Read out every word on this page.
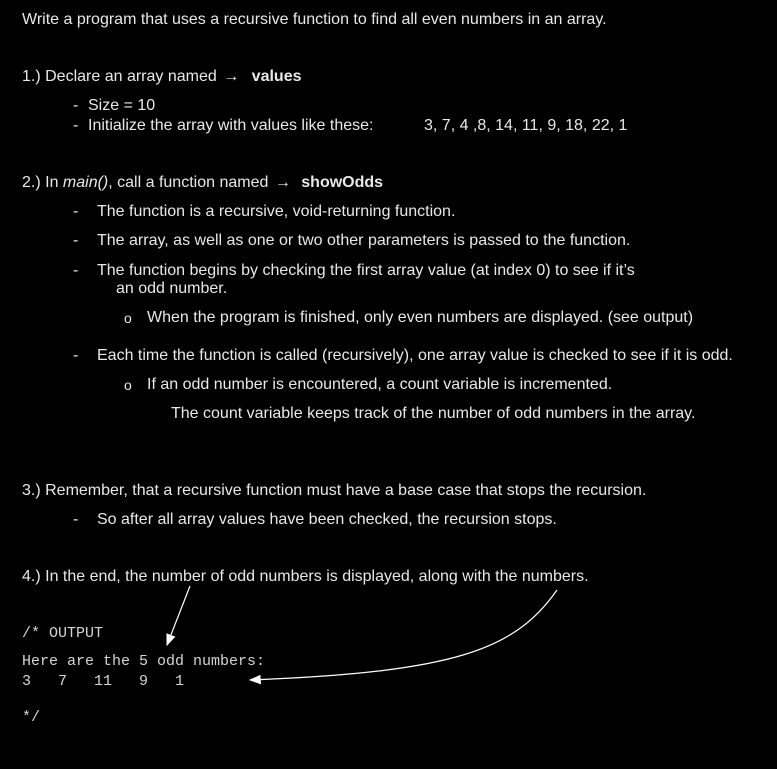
Write a program that uses a recursive function to find all even numbers in an array.
1.) Declare an array named → values
- Size = 10
- Initialize the array with values like these:	3, 7, 4 ,8, 14, 11, 9, 18, 22, 1
2.) In main(), call a function named → showOdds
- The function is a recursive, void-returning function.
- The array, as well as one or two other parameters is passed to the function.
- The function begins by checking the first array value (at index 0) to see if it’s
an odd number.
o When the program is finished, only even numbers are displayed. (see output)
- Each time the function is called (recursively), one array value is checked to see if it is odd.
o If an odd number is encountered, a count variable is incremented.
The count variable keeps track of the number of odd numbers in the array.
3.) Remember, that a recursive function must have a base case that stops the recursion.
- So after all array values have been checked, the recursion stops.
4.) In the end, the number of odd numbers is displayed, along with the numbers.
/* OUTPUT
Here are the 5 odd numbers:
3   7   11   9   1
*/
